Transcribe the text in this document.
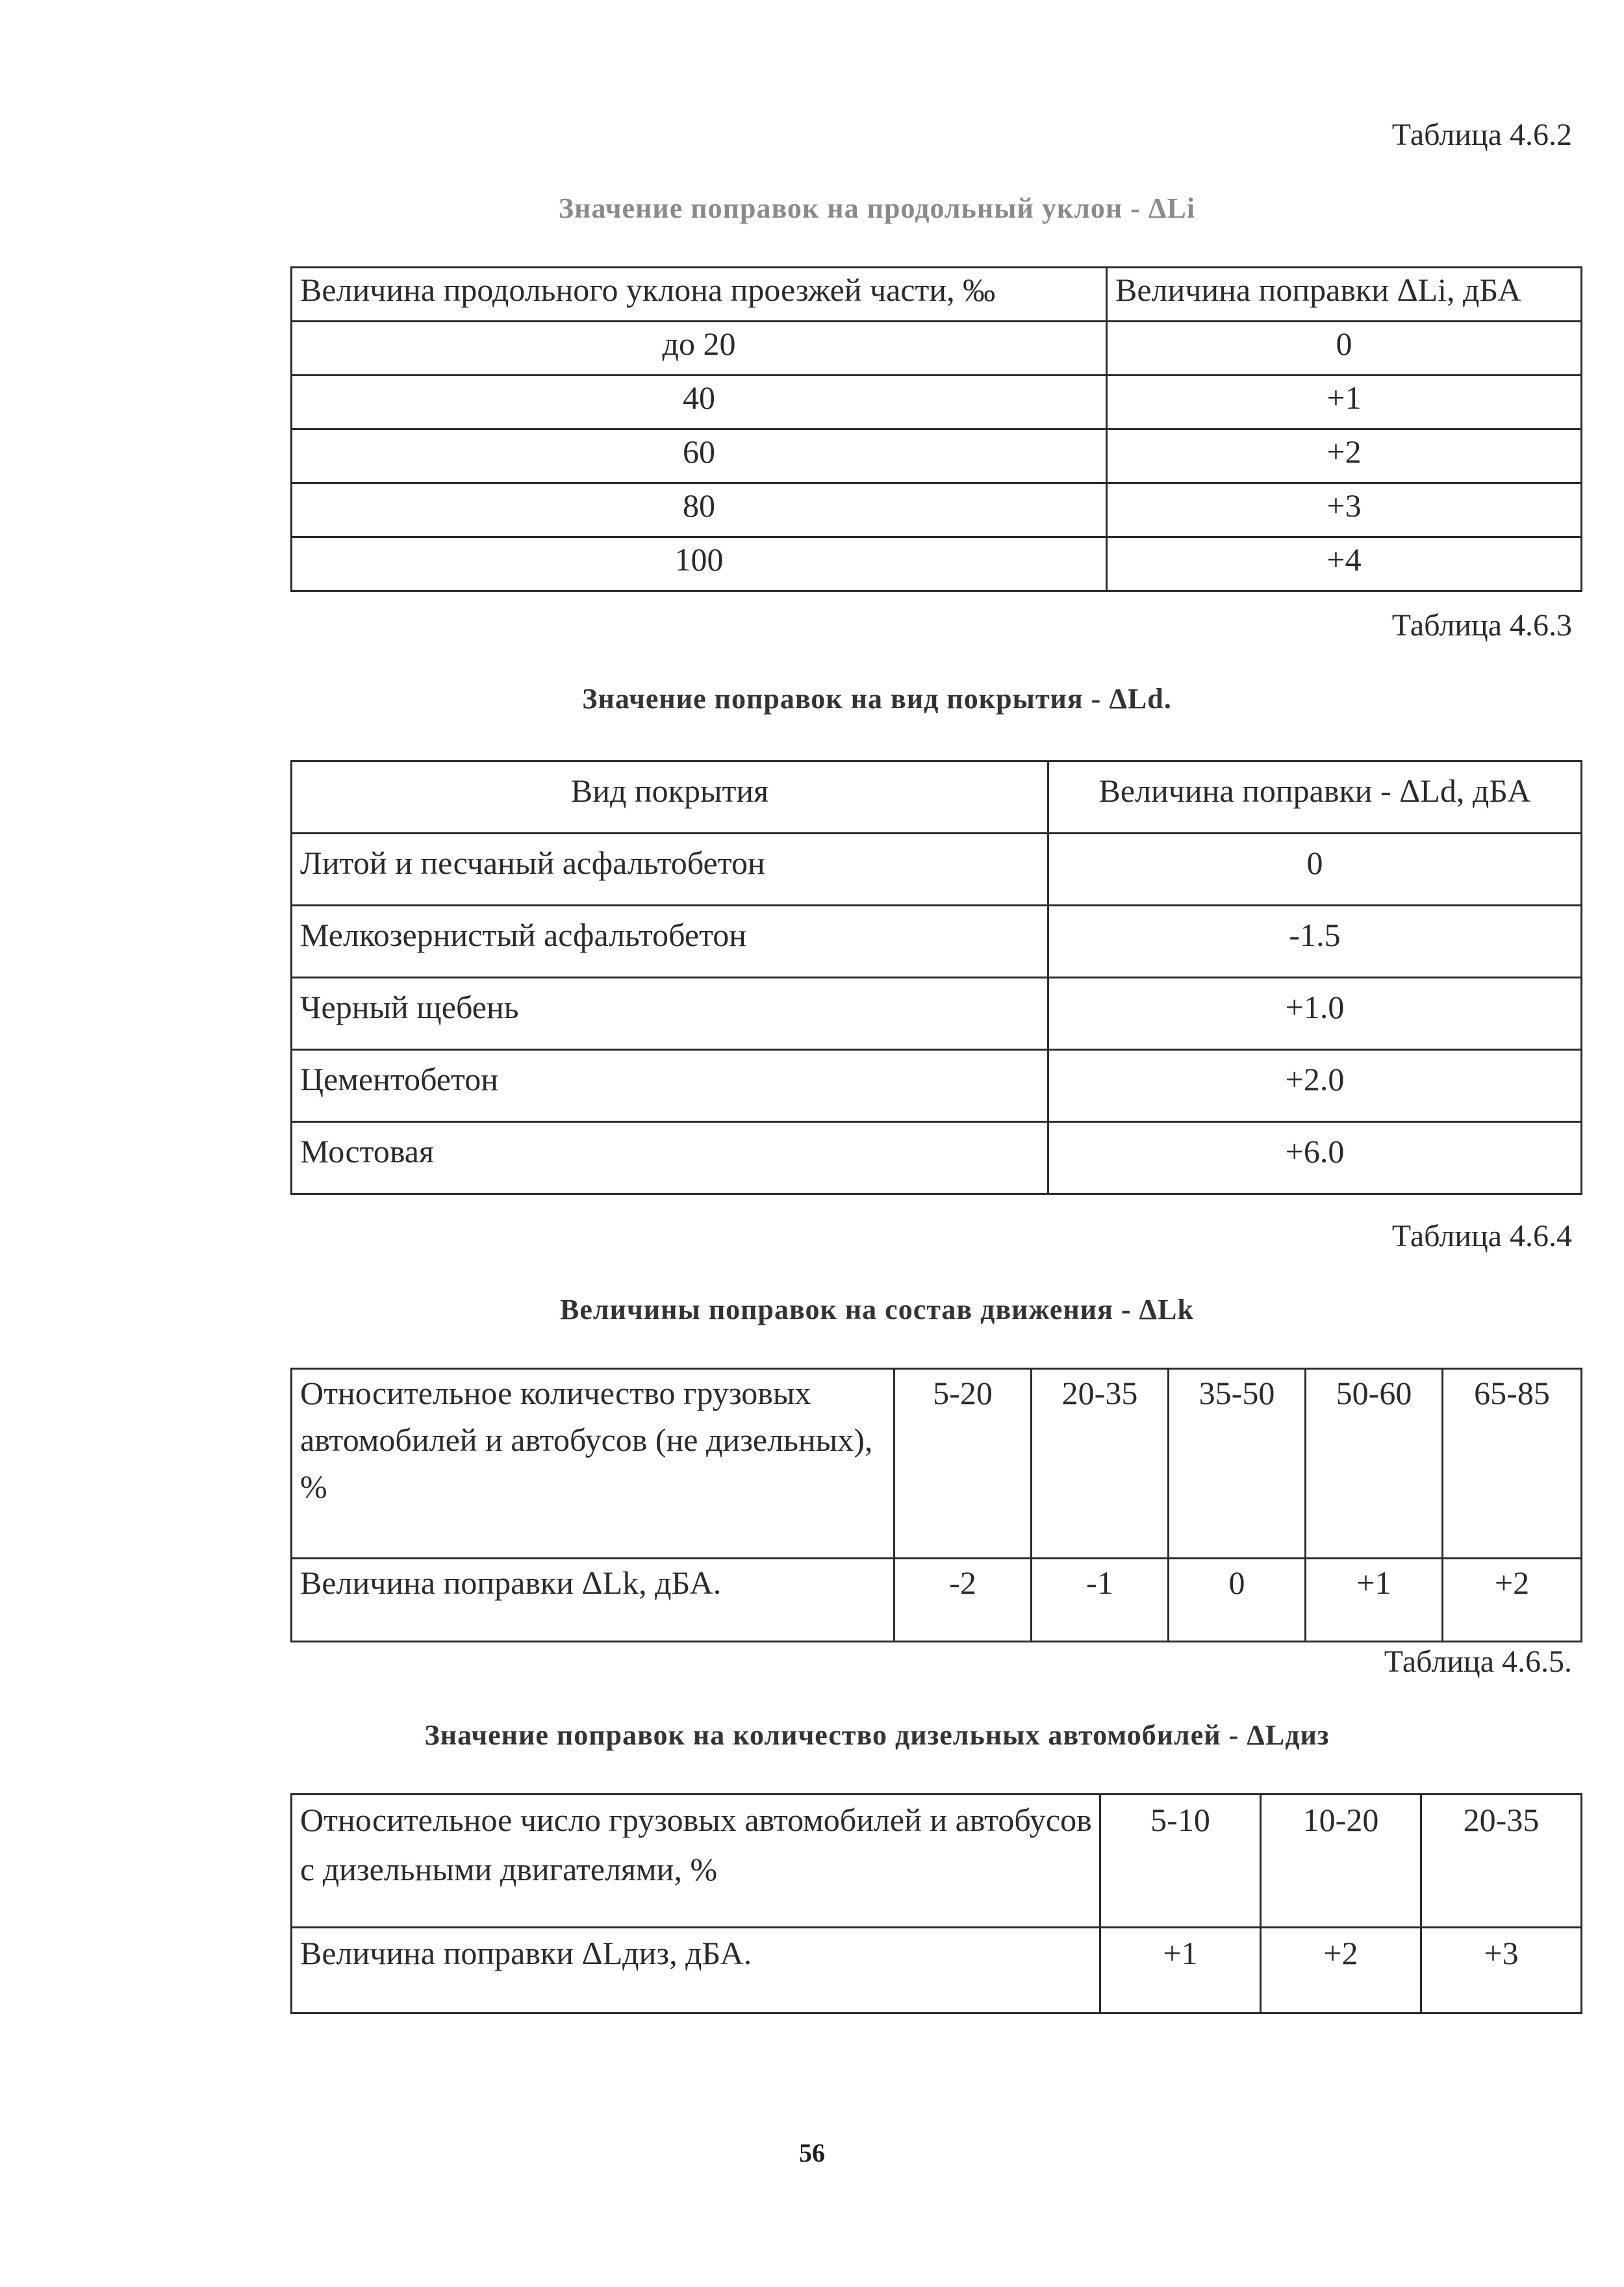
Таблица 4.6.2
Значение поправок на продольный уклон - ΔLi
Величина продольного уклона проезжей части, ‰	Величина поправки ΔLi, дБА
до 20	0
40	+1
60	+2
80	+3
100	+4
Таблица 4.6.3
Значение поправок на вид покрытия - ΔLd.
Вид покрытия	Величина поправки - ΔLd, дБА
Литой и песчаный асфальтобетон	0
Мелкозернистый асфальтобетон	-1.5
Черный щебень	+1.0
Цементобетон	+2.0
Мостовая	+6.0
Таблица 4.6.4
Величины поправок на состав движения - ΔLk
Относительное количество грузовых автомобилей и автобусов (не дизельных), %	5-20	20-35	35-50	50-60	65-85
Величина поправки ΔLk, дБА.	-2	-1	0	+1	+2
Таблица 4.6.5.
Значение поправок на количество дизельных автомобилей - ΔLдиз
Относительное число грузовых автомобилей и автобусов с дизельными двигателями, %	5-10	10-20	20-35
Величина поправки ΔLдиз, дБА.	+1	+2	+3
56
